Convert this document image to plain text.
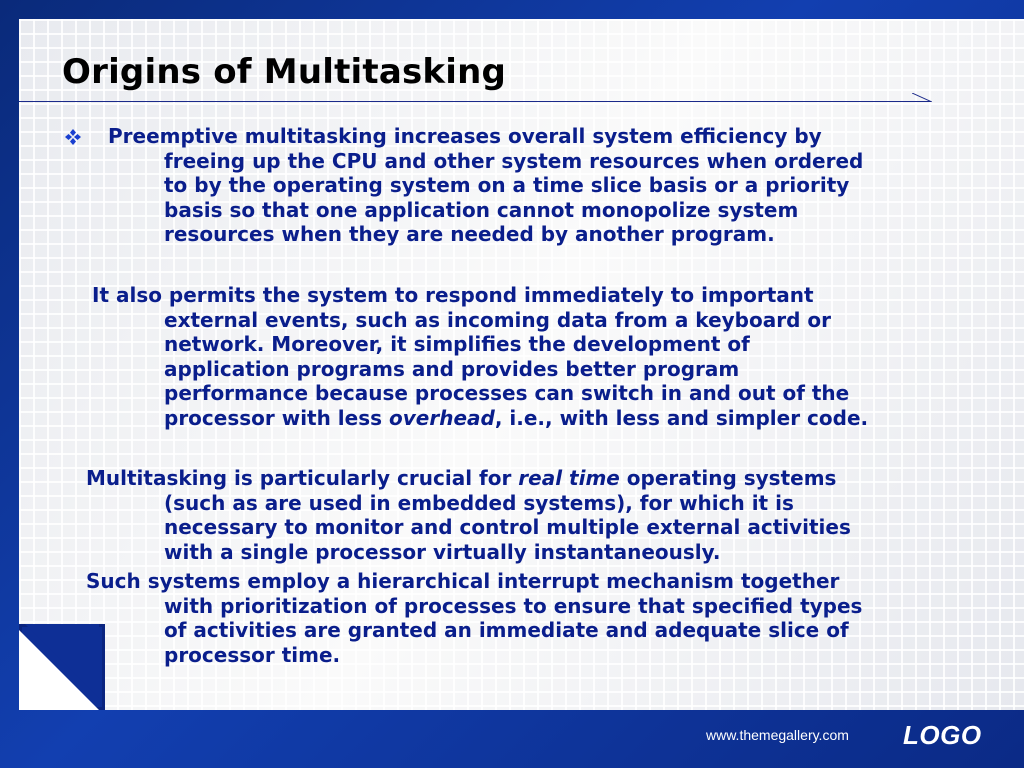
Origins of Multitasking
Preemptive multitasking increases overall system efficiency by
freeing up the CPU and other system resources when ordered
to by the operating system on a time slice basis or a priority
basis so that one application cannot monopolize system
resources when they are needed by another program.
It also permits the system to respond immediately to important
external events, such as incoming data from a keyboard or
network. Moreover, it simplifies the development of
application programs and provides better program
performance because processes can switch in and out of the
processor with less overhead, i.e., with less and simpler code.
Multitasking is particularly crucial for real time operating systems
(such as are used in embedded systems), for which it is
necessary to monitor and control multiple external activities
with a single processor virtually instantaneously.
Such systems employ a hierarchical interrupt mechanism together
with prioritization of processes to ensure that specified types
of activities are granted an immediate and adequate slice of
processor time.
www.themegallery.com LOGO
